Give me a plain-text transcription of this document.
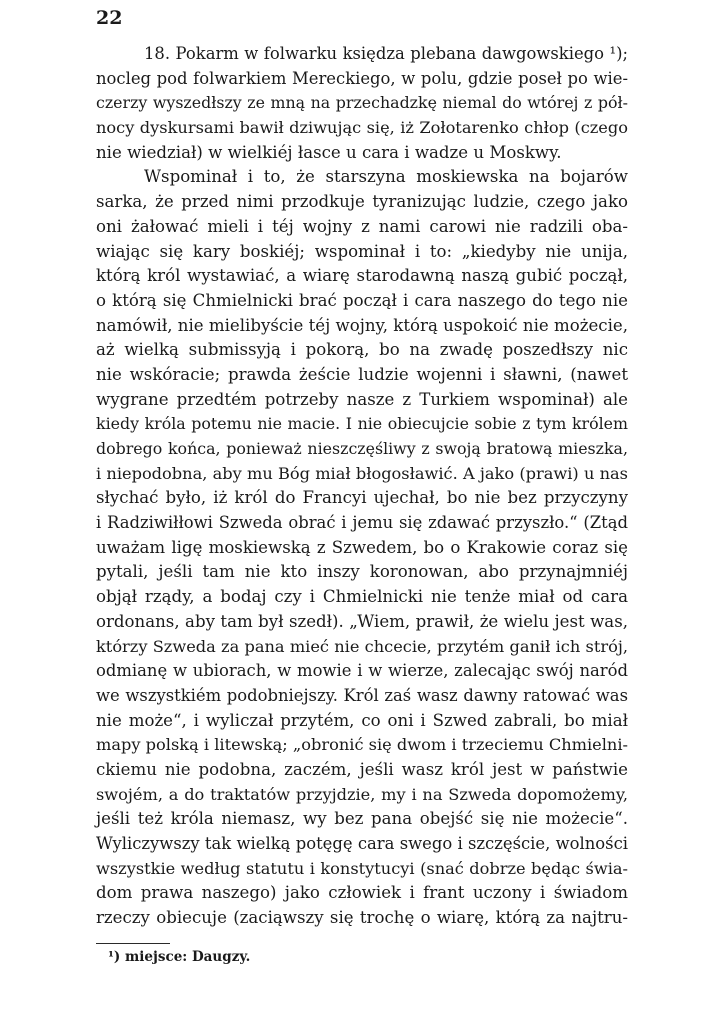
22
18. Pokarm w folwarku księdza plebana dawgowskiego ¹);
nocleg pod folwarkiem Mereckiego, w polu, gdzie poseł po wie-
czerzy wyszedłszy ze mną na przechadzkę niemal do wtórej z pół-
nocy dyskursami bawił dziwując się, iż Zołotarenko chłop (czego
nie wiedział) w wielkiéj łasce u cara i wadze u Moskwy.
Wspominał i to, że starszyna moskiewska na bojarów
sarka, że przed nimi przodkuje tyranizując ludzie, czego jako
oni żałować mieli i téj wojny z nami carowi nie radzili oba-
wiając się kary boskiéj; wspominał i to: „kiedyby nie unija,
którą król wystawiać, a wiarę starodawną naszą gubić począł,
o którą się Chmielnicki brać począł i cara naszego do tego nie
namówił, nie mielibyście téj wojny, którą uspokoić nie możecie,
aż wielką submissyją i pokorą, bo na zwadę poszedłszy nic
nie wskóracie; prawda żeście ludzie wojenni i sławni, (nawet
wygrane przedtém potrzeby nasze z Turkiem wspominał) ale
kiedy króla potemu nie macie. I nie obiecujcie sobie z tym królem
dobrego końca, ponieważ nieszczęśliwy z swoją bratową mieszka,
i niepodobna, aby mu Bóg miał błogosławić. A jako (prawi) u nas
słychać było, iż król do Francyi ujechał, bo nie bez przyczyny
i Radziwiłłowi Szweda obrać i jemu się zdawać przyszło.“ (Ztąd
uważam ligę moskiewską z Szwedem, bo o Krakowie coraz się
pytali, jeśli tam nie kto inszy koronowan, abo przynajmniéj
objął rządy, a bodaj czy i Chmielnicki nie tenże miał od cara
ordonans, aby tam był szedł). „Wiem, prawił, że wielu jest was,
którzy Szweda za pana mieć nie chcecie, przytém ganił ich strój,
odmianę w ubiorach, w mowie i w wierze, zalecając swój naród
we wszystkiém podobniejszy. Król zaś wasz dawny ratować was
nie może“, i wyliczał przytém, co oni i Szwed zabrali, bo miał
mapy polską i litewską; „obronić się dwom i trzeciemu Chmielni-
ckiemu nie podobna, zaczém, jeśli wasz król jest w państwie
swojém, a do traktatów przyjdzie, my i na Szweda dopomożemy,
jeśli też króla niemasz, wy bez pana obejść się nie możecie“.
Wyliczywszy tak wielką potęgę cara swego i szczęście, wolności
wszystkie według statutu i konstytucyi (snać dobrze będąc świa-
dom prawa naszego) jako człowiek i frant uczony i świadom
rzeczy obiecuje (zaciąwszy się trochę o wiarę, którą za najtru-
¹) miejsce: Daugzy.
